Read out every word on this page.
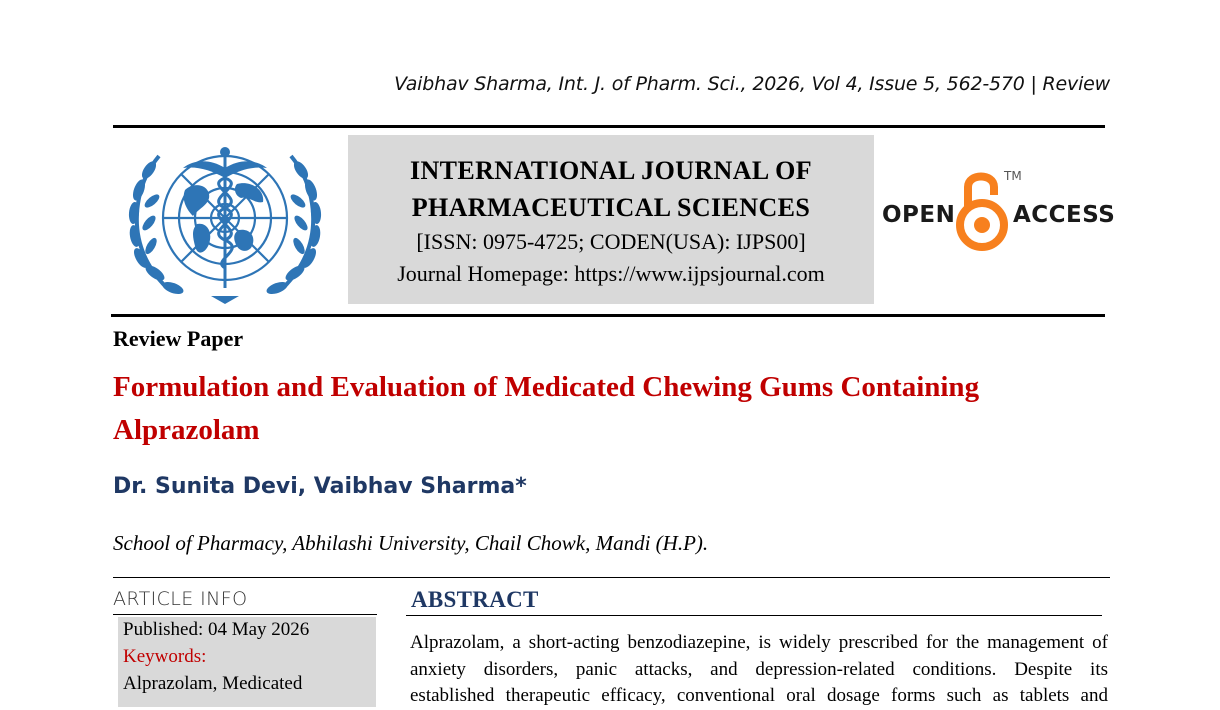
Vaibhav Sharma, Int. J. of Pharm. Sci., 2026, Vol 4, Issue 5, 562-570 | Review
INTERNATIONAL JOURNAL OF
PHARMACEUTICAL SCIENCES
[ISSN: 0975-4725; CODEN(USA): IJPS00]
Journal Homepage: https://www.ijpsjournal.com
OPEN
TM
ACCESS
Review Paper
Formulation and Evaluation of Medicated Chewing Gums Containing Alprazolam
Dr. Sunita Devi, Vaibhav Sharma*
School of Pharmacy, Abhilashi University, Chail Chowk, Mandi (H.P).
ARTICLE INFO
Published: 04 May 2026
Keywords:
Alprazolam, Medicated
ABSTRACT
Alprazolam, a short-acting benzodiazepine, is widely prescribed for the management of
anxiety disorders, panic attacks, and depression-related conditions. Despite its
established therapeutic efficacy, conventional oral dosage forms such as tablets and
